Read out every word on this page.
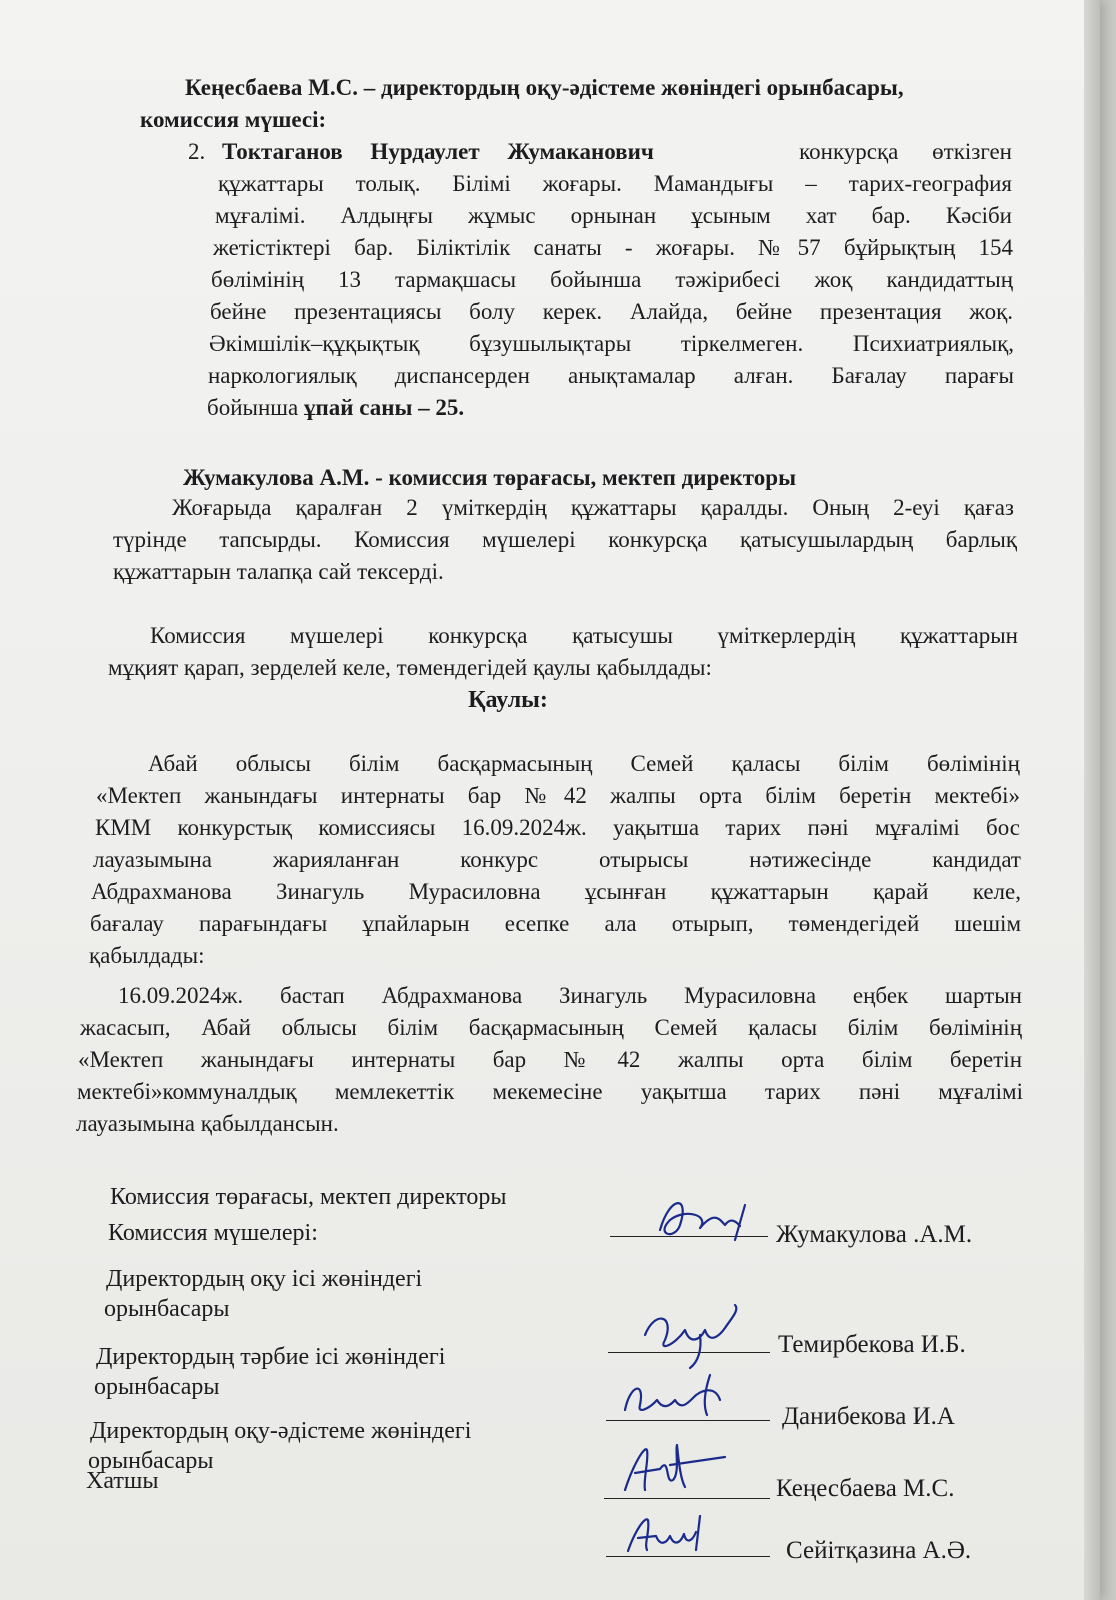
Кеңесбаева М.С. – директордың оқу-әдістеме жөніндегі орынбасары,

комиссия мүшесі:

2. Токтаганов Нурдаулет Жумаканович	конкурсқа өткізген

құжаттары толық. Білімі жоғары. Мамандығы – тарих-география

мұғалімі. Алдыңғы жұмыс орнынан ұсыным хат бар. Кәсіби

жетістіктері бар. Біліктілік санаты - жоғары. №57 бұйрықтың 154

бөлімінің 13 тармақшасы бойынша тәжірибесі жоқ кандидаттың

бейне презентациясы болу керек. Алайда, бейне презентация жоқ.

Әкімшілік–құқықтық бұзушылықтары тіркелмеген. Психиатриялық,

наркологиялық диспансерден анықтамалар алған. Бағалау парағы

бойынша ұпай саны – 25.

Жумакулова А.М. - комиссия төрағасы, мектеп директоры

Жоғарыда қаралған 2 үміткердің құжаттары қаралды. Оның 2-еуі қағаз

түрінде тапсырды. Комиссия мүшелері конкурсқа қатысушылардың барлық

құжаттарын талапқа сай тексерді.

Комиссия мүшелері конкурсқа қатысушы үміткерлердің құжаттарын

мұқият қарап, зерделей келе, төмендегідей қаулы қабылдады:

Қаулы:

Абай облысы білім басқармасының Семей қаласы білім бөлімінің

«Мектеп жанындағы интернаты бар №42 жалпы орта білім беретін мектебі»

КММ конкурстық комиссиясы 16.09.2024ж. уақытша тарих пәні мұғалімі бос

лауазымына жарияланған конкурс отырысы нәтижесінде кандидат

Абдрахманова Зинагуль Мурасиловна ұсынған құжаттарын қарай келе,

бағалау парағындағы ұпайларын есепке ала отырып, төмендегідей шешім

қабылдады:

16.09.2024ж. бастап Абдрахманова Зинагуль Мурасиловна еңбек шартын

жасасып, Абай облысы білім басқармасының Семей қаласы білім бөлімінің

«Мектеп жанындағы интернаты бар №42 жалпы орта білім беретін

мектебі»коммуналдық мемлекеттік мекемесіне уақытша тарих пәні мұғалімі

лауазымына қабылдансын.

Комиссия төрағасы, мектеп директоры
Жумакулова .А.М.
Комиссия мүшелері:
Директордың оқу ісі жөніндегі
орынбасары
Темирбекова И.Б.
Директордың тәрбие ісі жөніндегі
орынбасары
Данибекова И.А
Директордың оқу-әдістеме жөніндегі
орынбасары
Кеңесбаева М.С.
Хатшы
Сейітқазина А.Ә.
